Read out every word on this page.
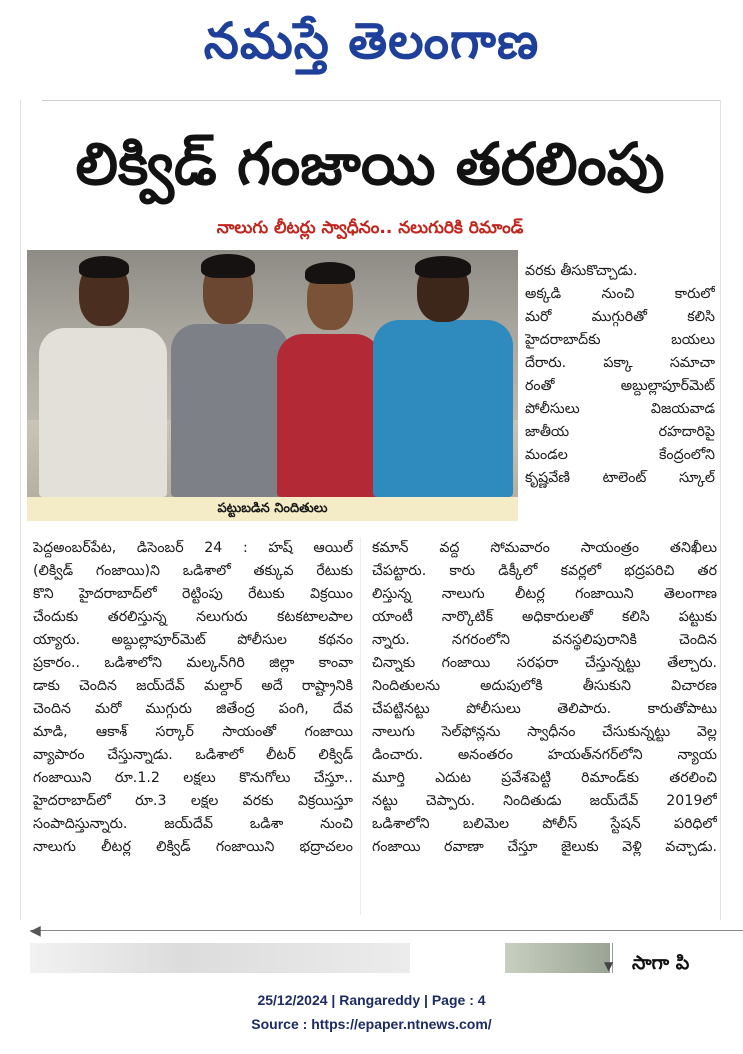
నమస్తే తెలంగాణ
లిక్విడ్ గంజాయి తరలింపు
నాలుగు లీటర్లు స్వాధీనం.. నలుగురికి రిమాండ్
పట్టుబడిన నిందితులు
వరకు తీసుకొచ్చాడు.
అక్కడి నుంచి కారులో
మరో ముగ్గురితో కలిసి
హైదరాబాద్‌కు బయలు
దేరారు. పక్కా సమాచా
రంతో అబ్దుల్లాపూర్‌మెట్
పోలీసులు విజయవాడ
జాతీయ రహదారిపై
మండల కేంద్రంలోని
కృష్ణవేణి టాలెంట్ స్కూల్
పెద్దఅంబర్‌పేట, డిసెంబర్ 24 : హష్ ఆయిల్
(లిక్విడ్ గంజాయి)ని ఒడిశాలో తక్కువ రేటుకు
కొని హైదరాబాద్‌లో రెట్టింపు రేటుకు విక్రయిం
చేందుకు తరలిస్తున్న నలుగురు కటకటాలపాల
య్యారు. అబ్దుల్లాపూర్‌మెట్ పోలీసుల కథనం
ప్రకారం.. ఒడిశాలోని మల్కన్‌గిరి జిల్లా కాంవా
డాకు చెందిన జయ్‌దేవ్ మల్దార్ అదే రాష్ట్రానికి
చెందిన మరో ముగ్గురు జితేంద్ర పంగి, దేవ
మాడి, ఆకాశ్ సర్కార్ సాయంతో గంజాయి
వ్యాపారం చేస్తున్నాడు. ఒడిశాలో లీటర్ లిక్విడ్
గంజాయిని రూ.1.2 లక్షలు కొనుగోలు చేస్తూ..
హైదరాబాద్‌లో రూ.3 లక్షల వరకు విక్రయిస్తూ
సంపాదిస్తున్నారు. జయ్‌దేవ్ ఒడిశా నుంచి
నాలుగు లీటర్ల లిక్విడ్ గంజాయిని భద్రాచలం
కమాన్ వద్ద సోమవారం సాయంత్రం తనిఖీలు
చేపట్టారు. కారు డిక్కీలో కవర్లలో భద్రపరిచి తర
లిస్తున్న నాలుగు లీటర్ల గంజాయిని తెలంగాణ
యాంటీ నార్కొటిక్ అధికారులతో కలిసి పట్టుకు
న్నారు. నగరంలోని వనస్థలిపురానికి చెందిన
చిన్నాకు గంజాయి సరఫరా చేస్తున్నట్టు తేల్చారు.
నిందితులను అదుపులోకి తీసుకుని విచారణ
చేపట్టినట్టు పోలీసులు తెలిపారు. కారుతోపాటు
నాలుగు సెల్‌ఫోన్లను స్వాధీనం చేసుకున్నట్టు వెల్ల
డించారు. అనంతరం హయత్‌నగర్‌లోని న్యాయ
మూర్తి ఎదుట ప్రవేశపెట్టి రిమాండ్‌కు తరలించి
నట్టు చెప్పారు. నిందితుడు జయ్‌దేవ్ 2019లో
ఒడిశాలోని బలిమెల పోలీస్ స్టేషన్ పరిధిలో
గంజాయి రవాణా చేస్తూ జైలుకు వెళ్లి వచ్చాడు.
◀
▼ సాగా పి
25/12/2024 | Rangareddy | Page : 4
Source : https://epaper.ntnews.com/
